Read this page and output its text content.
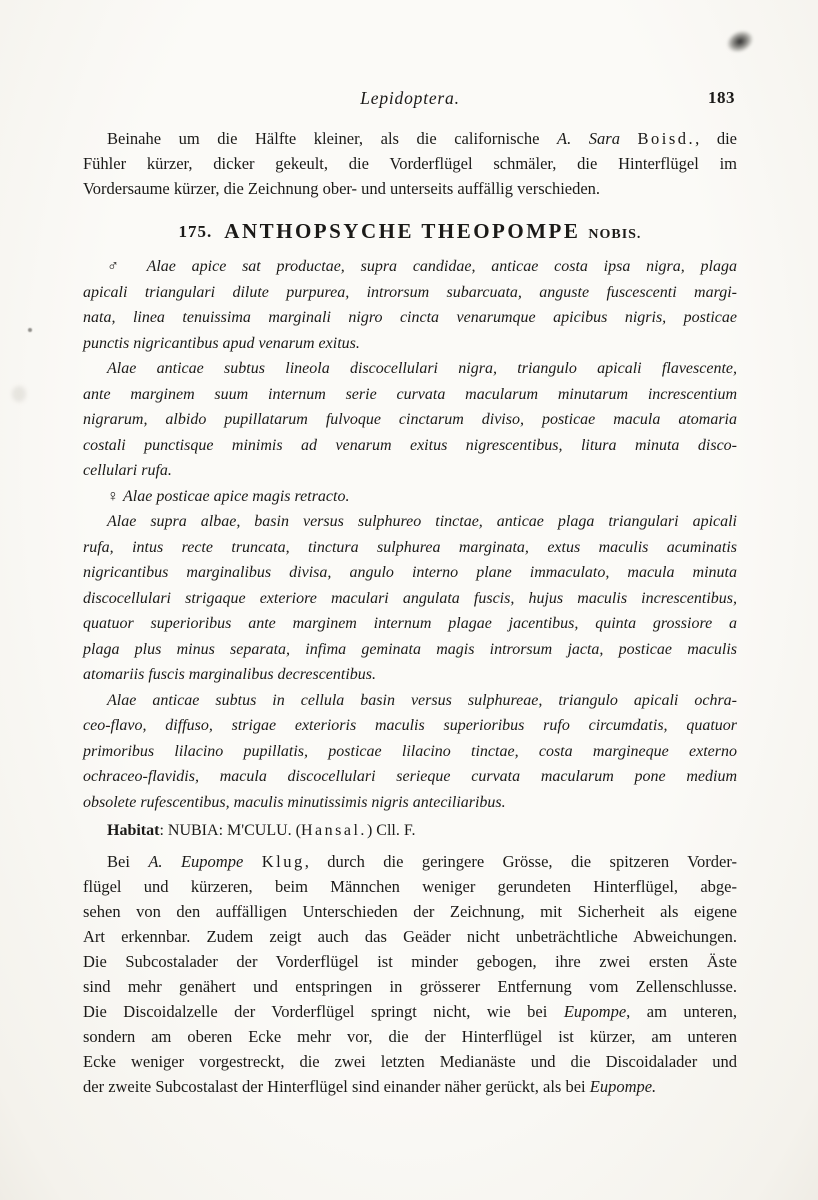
Lepidoptera.	183
Beinahe um die Hälfte kleiner, als die californische A. Sara Boisd., die
Fühler kürzer, dicker gekeult, die Vorderflügel schmäler, die Hinterflügel im
Vordersaume kürzer, die Zeichnung ober- und unterseits auffällig verschieden.
175. ANTHOPSYCHE THEOPOMPE NOBIS.
♂ Alae apice sat productae, supra candidae, anticae costa ipsa nigra, plaga
apicali triangulari dilute purpurea, introrsum subarcuata, anguste fuscescenti margi-
nata, linea tenuissima marginali nigro cincta venarumque apicibus nigris, posticae
punctis nigricantibus apud venarum exitus.
Alae anticae subtus lineola discocellulari nigra, triangulo apicali flavescente,
ante marginem suum internum serie curvata macularum minutarum increscentium
nigrarum, albido pupillatarum fulvoque cinctarum diviso, posticae macula atomaria
costali punctisque minimis ad venarum exitus nigrescentibus, litura minuta disco-
cellulari rufa.
♀ Alae posticae apice magis retracto.
Alae supra albae, basin versus sulphureo tinctae, anticae plaga triangulari apicali
rufa, intus recte truncata, tinctura sulphurea marginata, extus maculis acuminatis
nigricantibus marginalibus divisa, angulo interno plane immaculato, macula minuta
discocellulari strigaque exteriore maculari angulata fuscis, hujus maculis increscentibus,
quatuor superioribus ante marginem internum plagae jacentibus, quinta grossiore a
plaga plus minus separata, infima geminata magis introrsum jacta, posticae maculis
atomariis fuscis marginalibus decrescentibus.
Alae anticae subtus in cellula basin versus sulphureae, triangulo apicali ochra-
ceo-flavo, diffuso, strigae exterioris maculis superioribus rufo circumdatis, quatuor
primoribus lilacino pupillatis, posticae lilacino tinctae, costa margineque externo
ochraceo-flavidis, macula discocellulari serieque curvata macularum pone medium
obsolete rufescentibus, maculis minutissimis nigris anteciliaribus.
Habitat: NUBIA: M'CULU. (Hansal.) Cll. F.
Bei A. Eupompe Klug, durch die geringere Grösse, die spitzeren Vorder-
flügel und kürzeren, beim Männchen weniger gerundeten Hinterflügel, abge-
sehen von den auffälligen Unterschieden der Zeichnung, mit Sicherheit als eigene
Art erkennbar. Zudem zeigt auch das Geäder nicht unbeträchtliche Abweichungen.
Die Subcostalader der Vorderflügel ist minder gebogen, ihre zwei ersten Äste
sind mehr genähert und entspringen in grösserer Entfernung vom Zellenschlusse.
Die Discoidalzelle der Vorderflügel springt nicht, wie bei Eupompe, am unteren,
sondern am oberen Ecke mehr vor, die der Hinterflügel ist kürzer, am unteren
Ecke weniger vorgestreckt, die zwei letzten Medianäste und die Discoidalader und
der zweite Subcostalast der Hinterflügel sind einander näher gerückt, als bei Eupompe.
